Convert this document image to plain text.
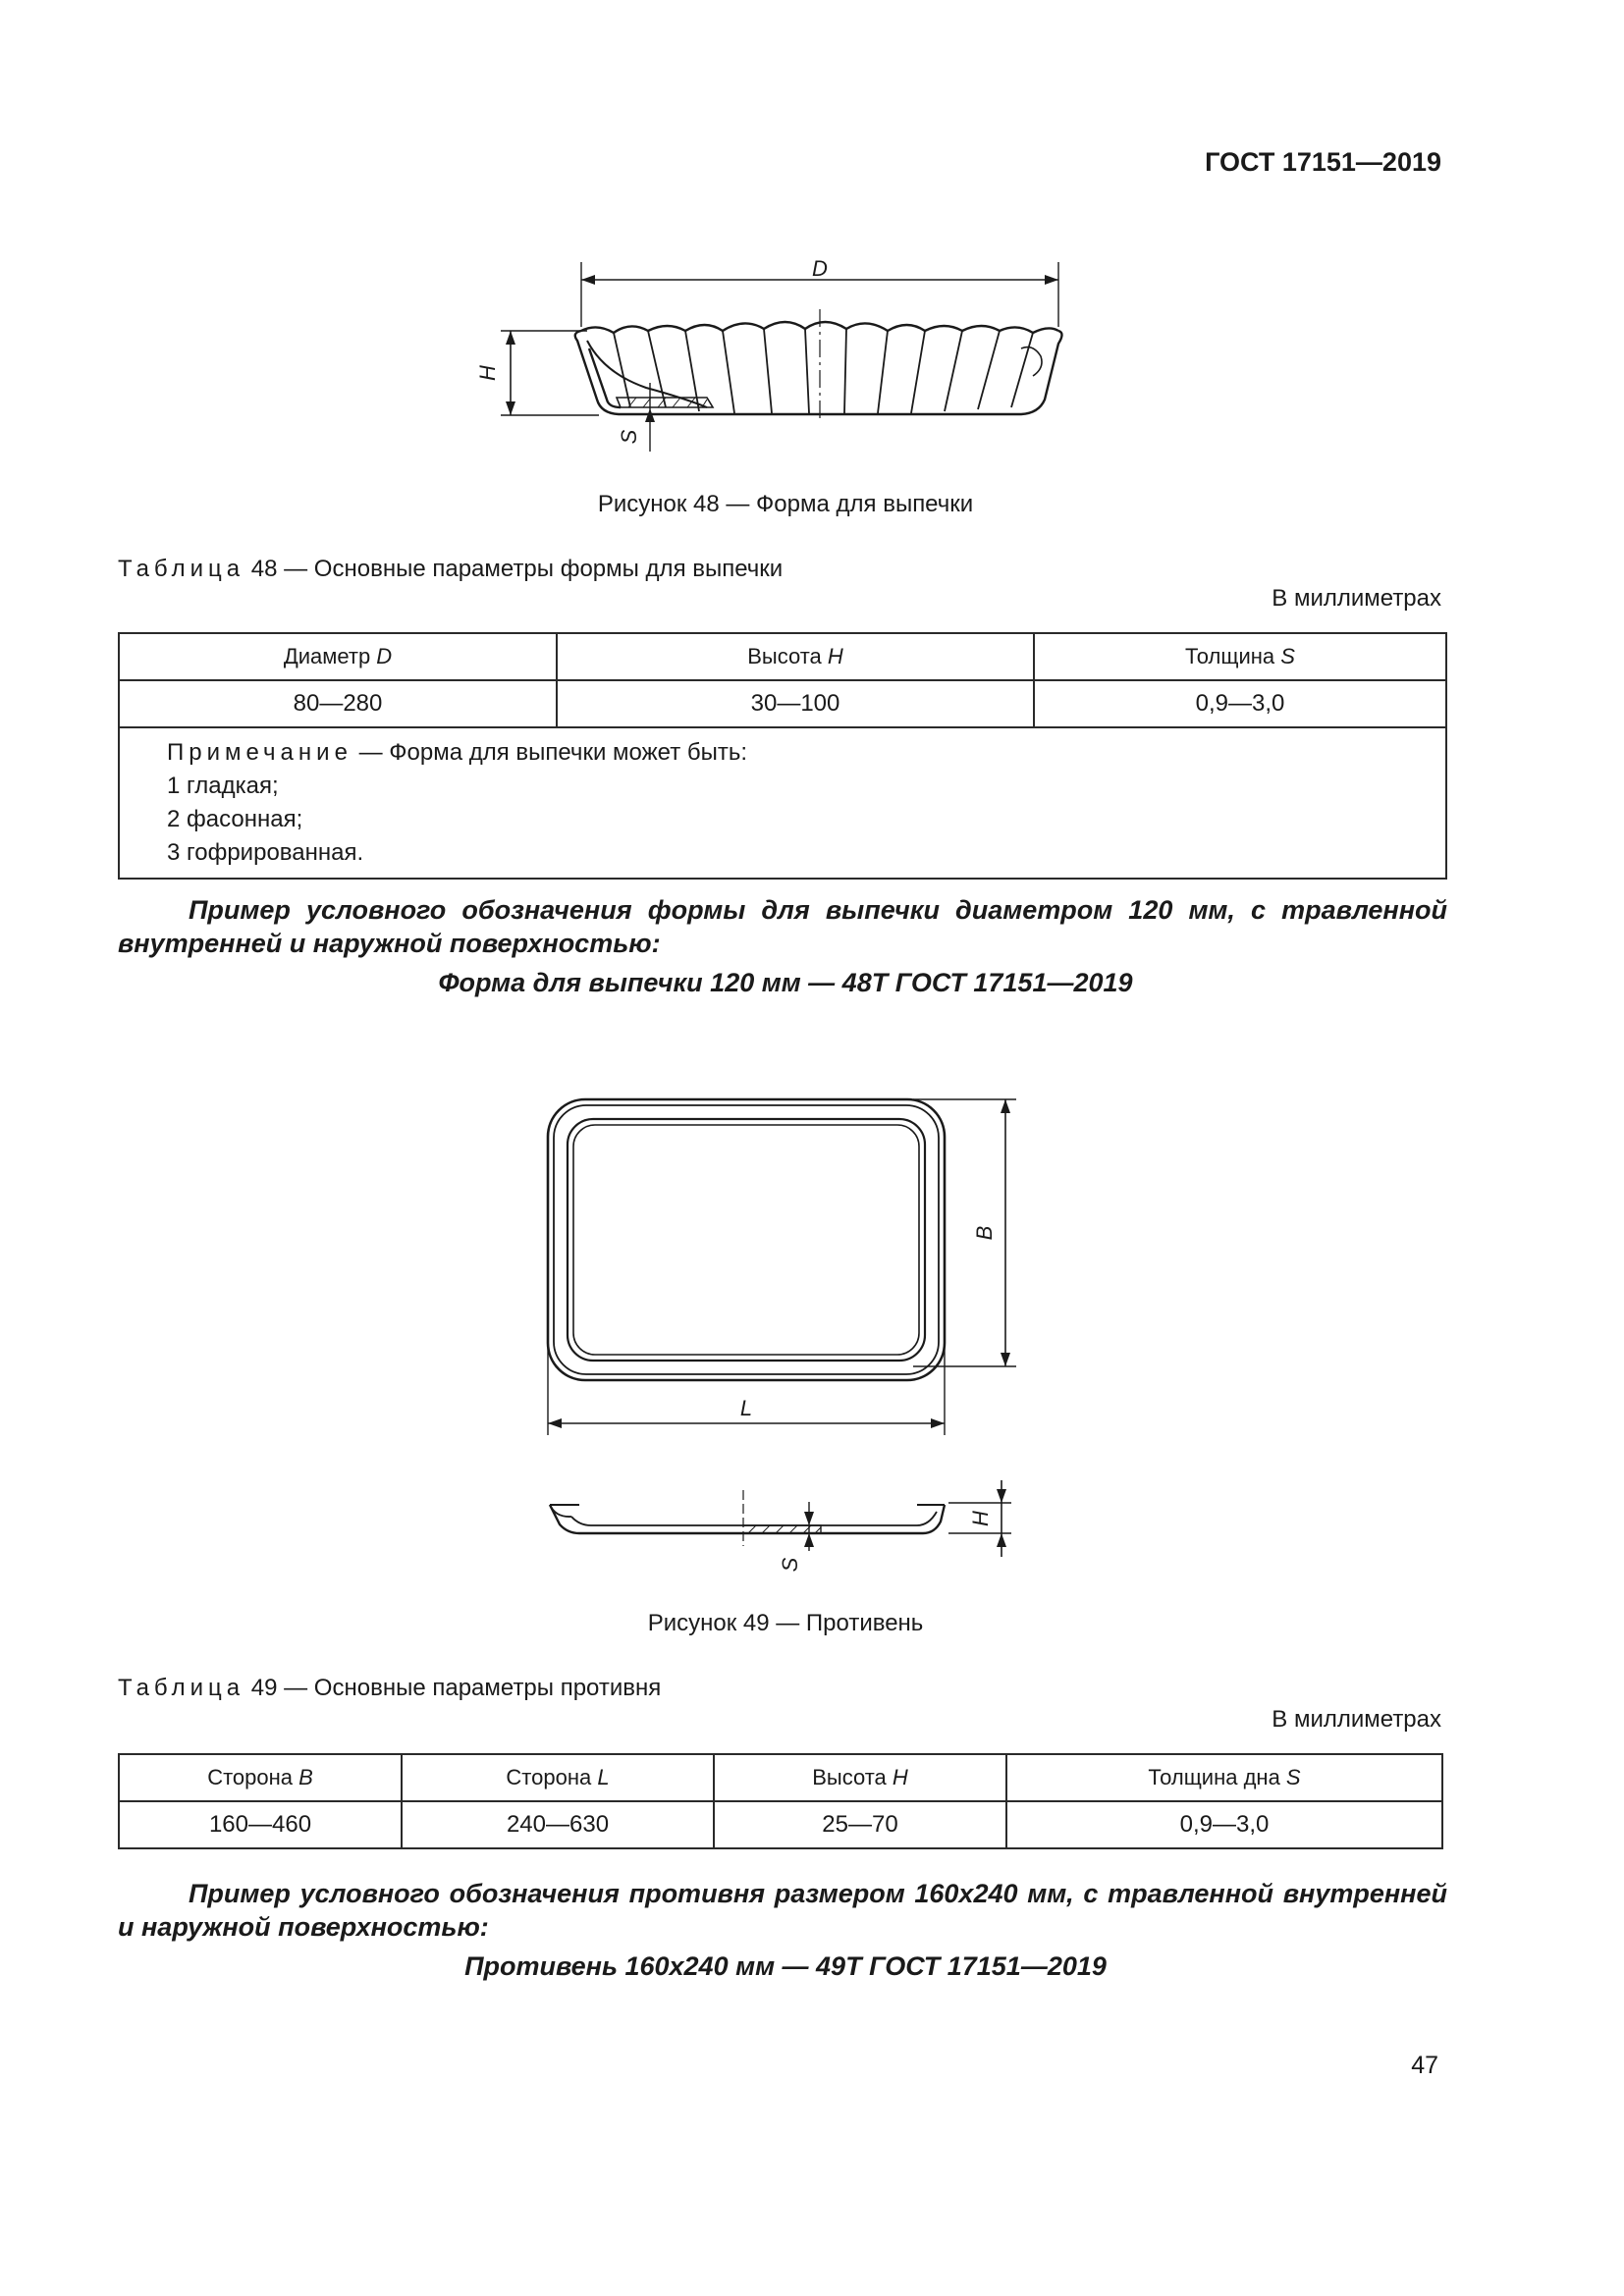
ГОСТ 17151—2019
D
H
S
Рисунок 48 — Форма для выпечки
Таблица 48 — Основные параметры формы для выпечки
В миллиметрах
Диаметр D	Высота H	Толщина S
80—280	30—100	0,9—3,0

Примечание — Форма для выпечки может быть:
1 гладкая;
2 фасонная;
3 гофрированная.		

Пример условного обозначения формы для выпечки диаметром 120 мм, с травленной внутренней и наружной поверхностью:

Форма для выпечки 120 мм — 48Т ГОСТ 17151—2019
B
L
H
S
Рисунок 49 — Противень
Таблица 49 — Основные параметры противня
В миллиметрах
Сторона B	Сторона L	Высота H	Толщина дна S
160—460	240—630	25—70	0,9—3,0

Пример условного обозначения противня размером 160x240 мм, с травленной внутренней и наружной поверхностью:

Противень 160x240 мм — 49Т ГОСТ 17151—2019
47
